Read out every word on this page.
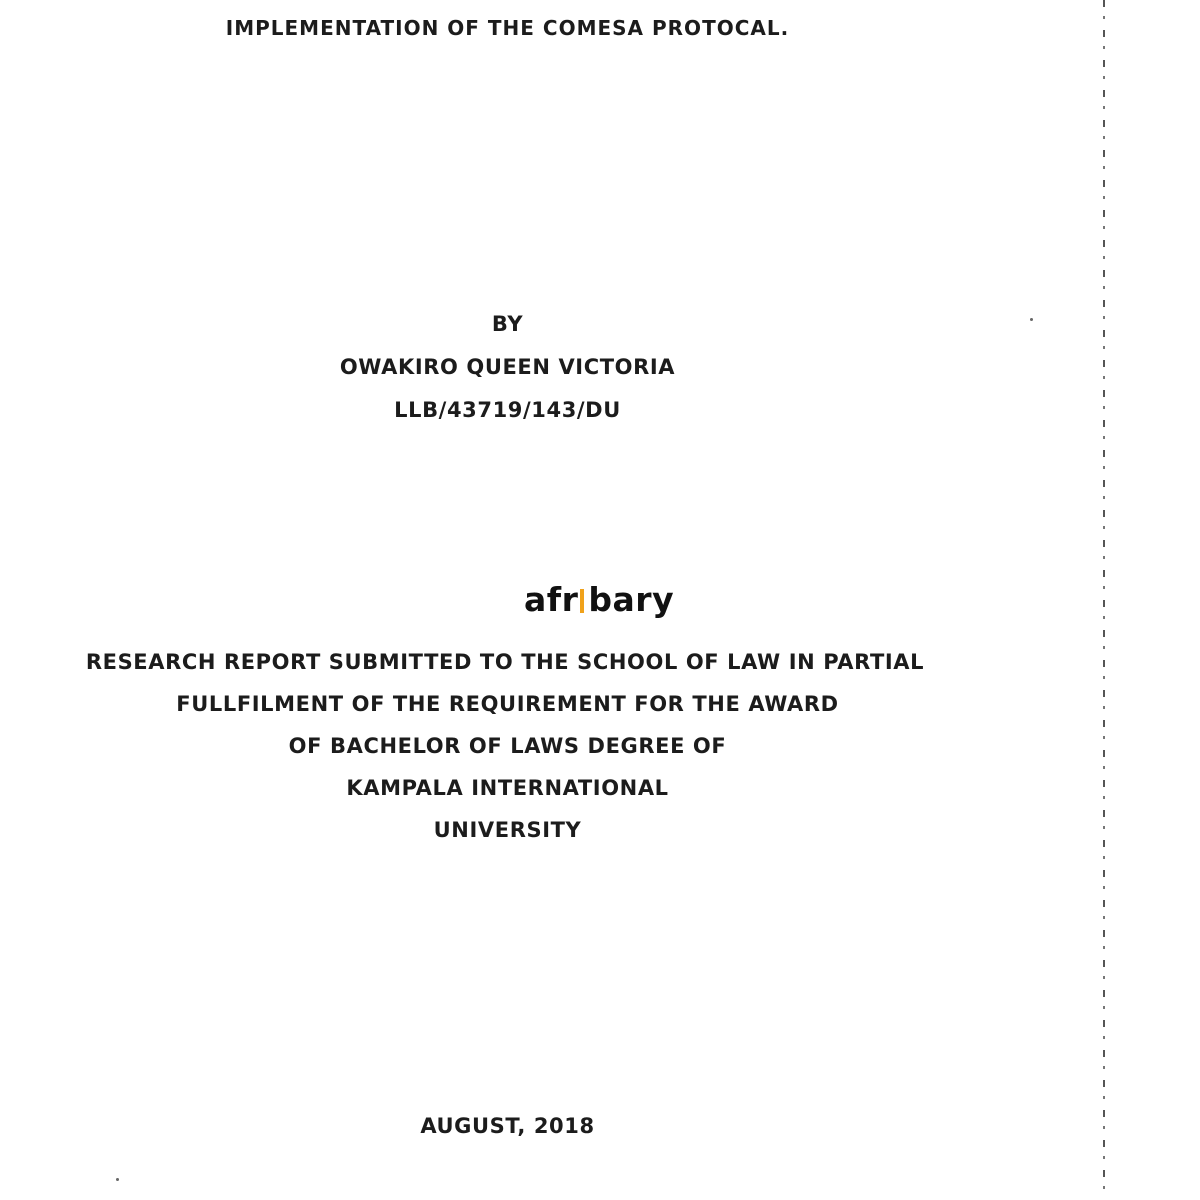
IMPLEMENTATION OF THE COMESA PROTOCAL.
BY
OWAKIRO QUEEN VICTORIA
LLB/43719/143/DU
afr bary
RESEARCH REPORT SUBMITTED TO THE SCHOOL OF LAW IN PARTIAL
FULLFILMENT OF THE REQUIREMENT FOR THE AWARD
OF BACHELOR OF LAWS DEGREE OF
KAMPALA INTERNATIONAL
UNIVERSITY
AUGUST, 2018
